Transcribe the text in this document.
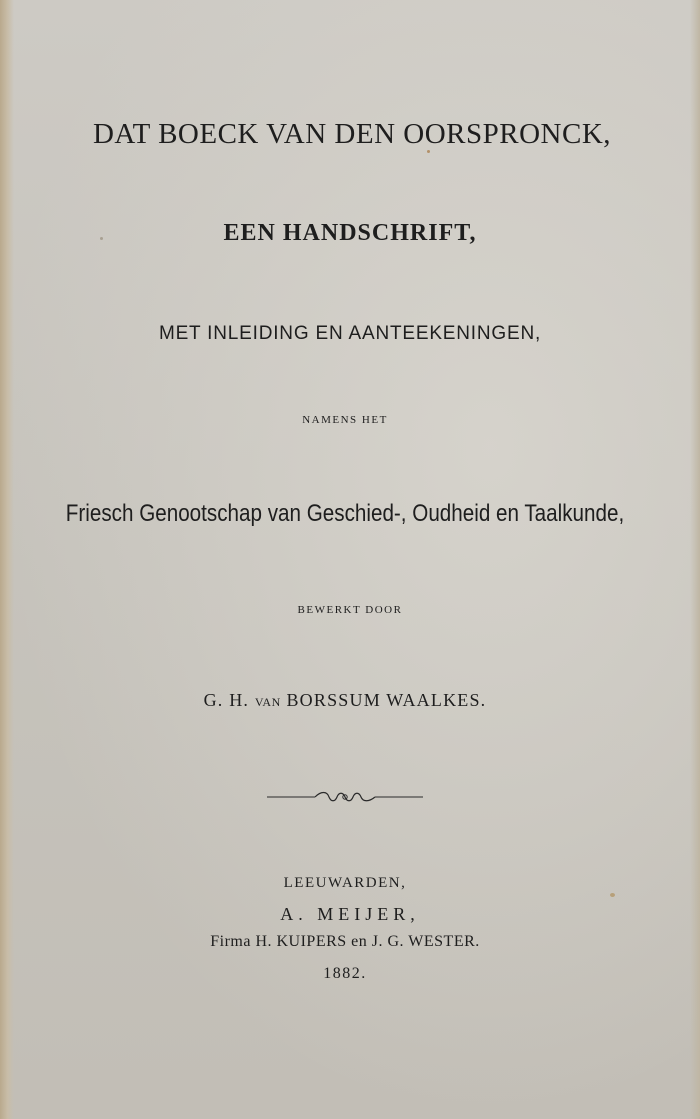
DAT BOECK VAN DEN OORSPRONCK,
EEN HANDSCHRIFT,
MET INLEIDING EN AANTEEKENINGEN,
NAMENS HET
Friesch Genootschap van Geschied-, Oudheid en Taalkunde,
BEWERKT DOOR
G. H. VAN BORSSUM WAALKES.
LEEUWARDEN,
A. MEIJER,
Firma H. KUIPERS en J. G. WESTER.
1882.
